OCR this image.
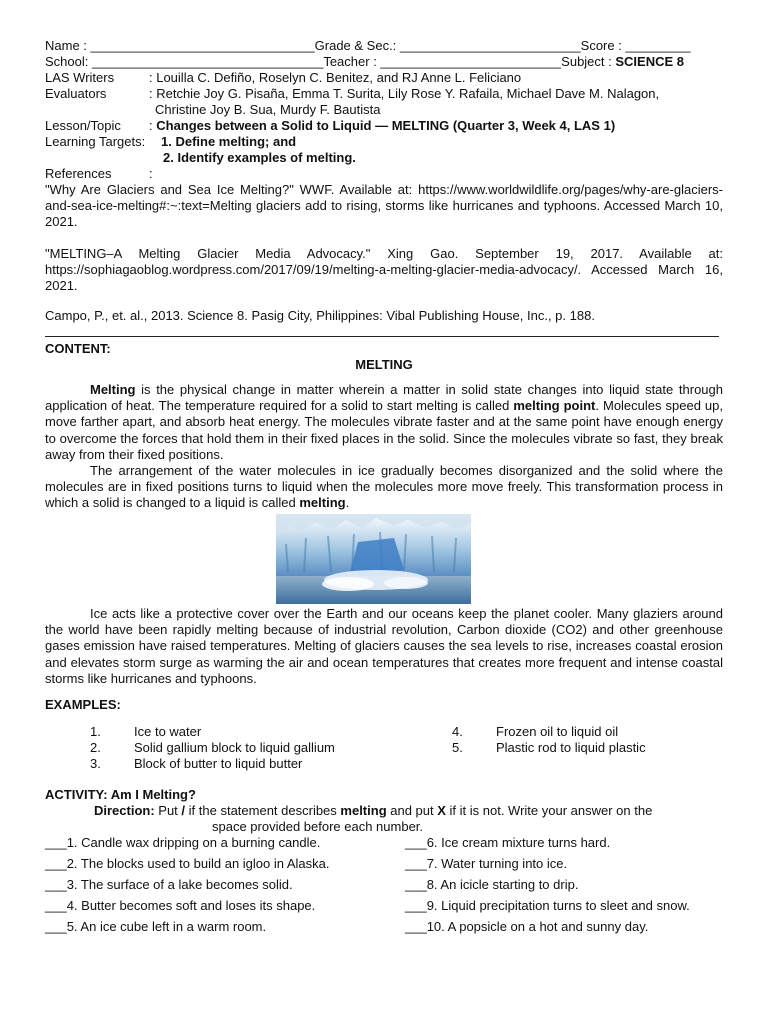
Name : _______________________________Grade & Sec.: _________________________Score : _________
School: ________________________________Teacher : _________________________Subject : SCIENCE 8
LAS Writers	: Louilla C. Defiño, Roselyn C. Benitez, and RJ Anne L. Feliciano
Evaluators	: Retchie Joy G. Pisaña, Emma T. Surita, Lily Rose Y. Rafaila, Michael Dave M. Nalagon,
Christine Joy B. Sua, Murdy F. Bautista
Lesson/Topic : Changes between a Solid to Liquid — MELTING (Quarter 3, Week 4, LAS 1)
Learning Targets: 1. Define melting; and
2. Identify examples of melting.
References	:
"Why Are Glaciers and Sea Ice Melting?" WWF. Available at: https://www.worldwildlife.org/pages/why-are-glaciers-and-sea-ice-melting#:~:text=Melting glaciers add to rising, storms like hurricanes and typhoons. Accessed March 10, 2021.
"MELTING–A Melting Glacier Media Advocacy." Xing Gao. September 19, 2017. Available at: https://sophiagaoblog.wordpress.com/2017/09/19/melting-a-melting-glacier-media-advocacy/. Accessed March 16, 2021.
Campo, P., et. al., 2013. Science 8. Pasig City, Philippines: Vibal Publishing House, Inc., p. 188.
CONTENT:
MELTING

Melting is the physical change in matter wherein a matter in solid state changes into liquid state through application of heat. The temperature required for a solid to start melting is called melting point. Molecules speed up, move farther apart, and absorb heat energy. The molecules vibrate faster and at the same point have enough energy to overcome the forces that hold them in their fixed places in the solid. Since the molecules vibrate so fast, they break away from their fixed positions.

The arrangement of the water molecules in ice gradually becomes disorganized and the solid where the molecules are in fixed positions turns to liquid when the molecules more move freely. This transformation process in which a solid is changed to a liquid is called melting.

Ice acts like a protective cover over the Earth and our oceans keep the planet cooler. Many glaziers around the world have been rapidly melting because of industrial revolution, Carbon dioxide (CO2) and other greenhouse gases emission have raised temperatures. Melting of glaciers causes the sea levels to rise, increases coastal erosion and elevates storm surge as warming the air and ocean temperatures that creates more frequent and intense coastal storms like hurricanes and typhoons.

EXAMPLES:
1.	Ice to water
2.	Solid gallium block to liquid gallium
3.	Block of butter to liquid butter
4.	Frozen oil to liquid oil
5.	Plastic rod to liquid plastic
ACTIVITY: Am I Melting?
Direction: Put / if the statement describes melting and put X if it is not. Write your answer on the
space provided before each number.
___1. Candle wax dripping on a burning candle.
___2. The blocks used to build an igloo in Alaska.
___3. The surface of a lake becomes solid.
___4. Butter becomes soft and loses its shape.
___5. An ice cube left in a warm room.
___6. Ice cream mixture turns hard.
___7. Water turning into ice.
___8. An icicle starting to drip.
___9. Liquid precipitation turns to sleet and snow.
___10. A popsicle on a hot and sunny day.
